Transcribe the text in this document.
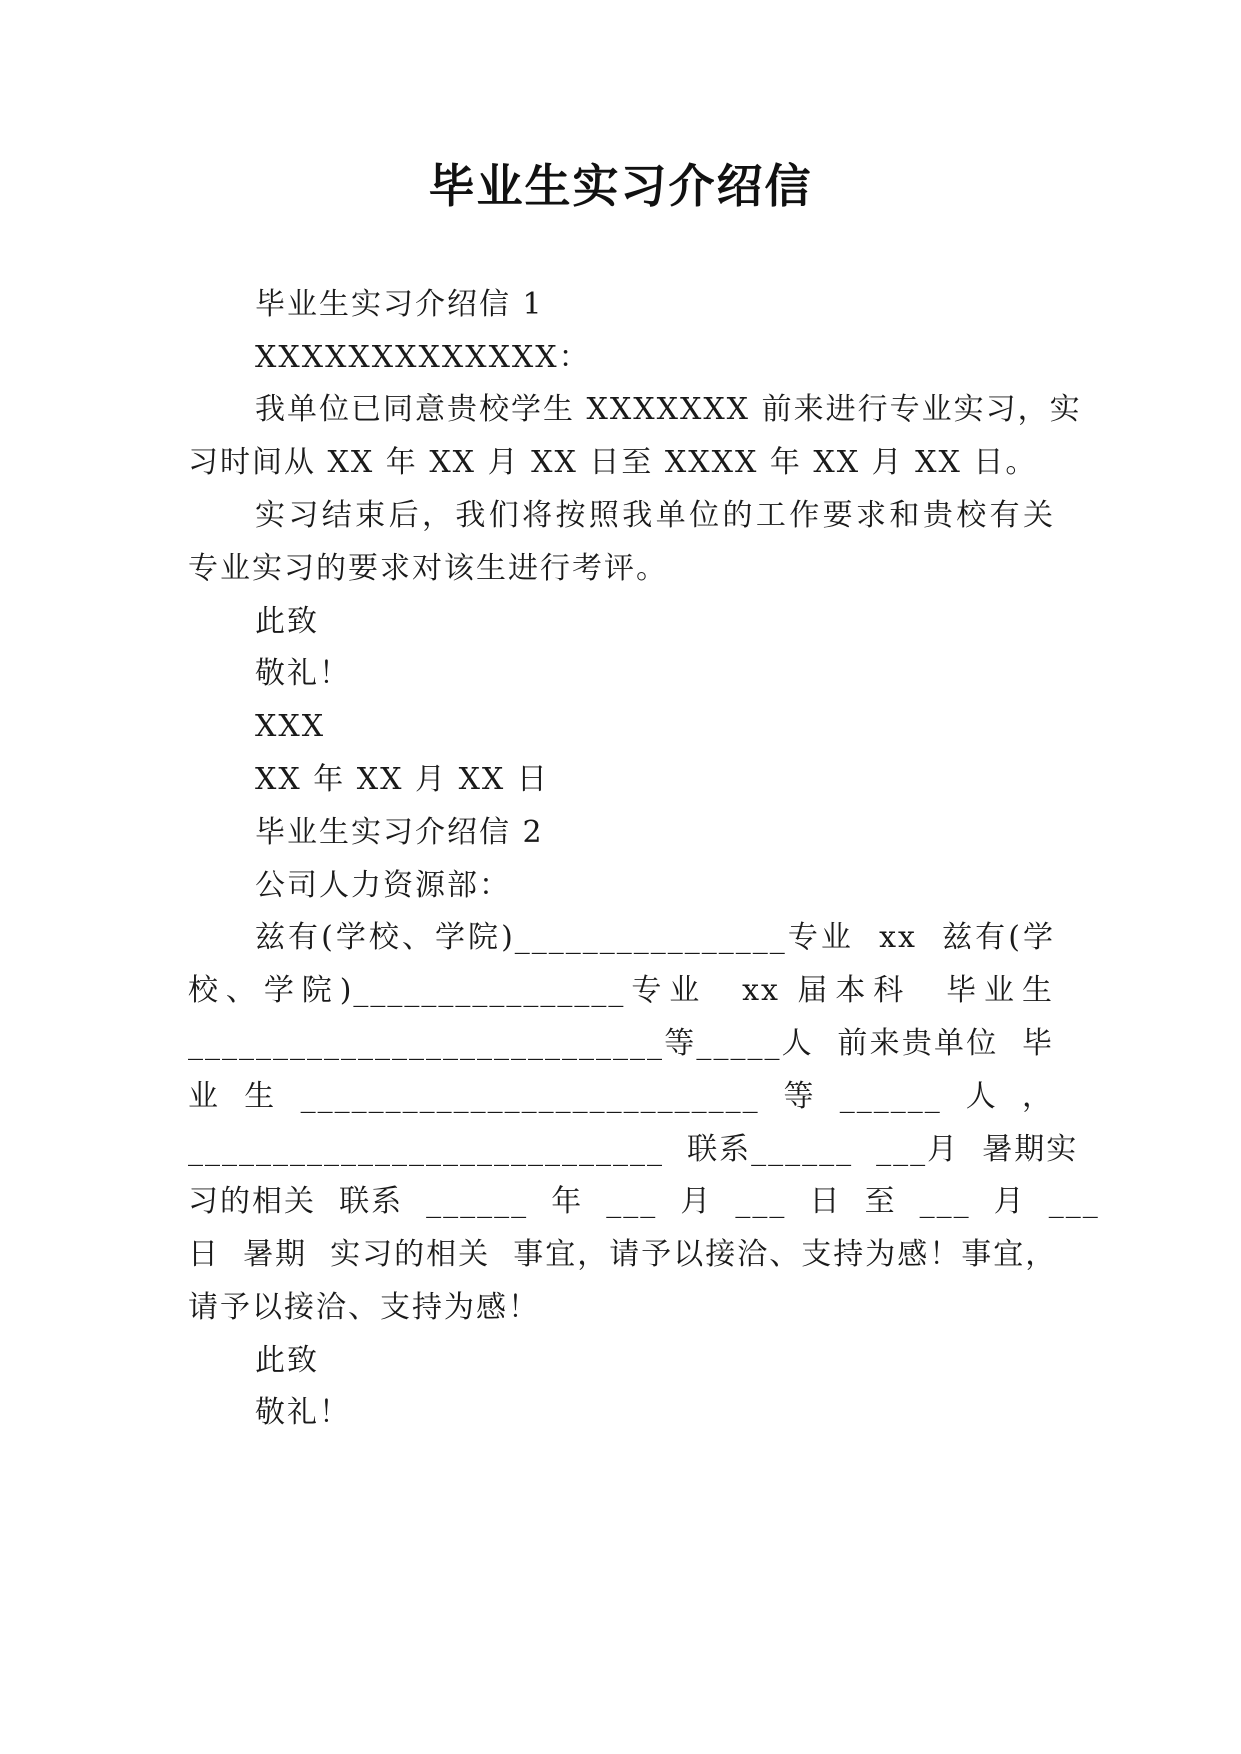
毕业生实习介绍信
毕业生实习介绍信 1
XXXXXXXXXXXXX：
我单位已同意贵校学生 XXXXXXX 前来进行专业实习，实
习时间从 XX 年 XX 月 XX 日至 XXXX 年 XX 月 XX 日。
实习结束后，我们将按照我单位的工作要求和贵校有关
专业实习的要求对该生进行考评。
此致
敬礼！
XXX
XX 年 XX 月 XX 日
毕业生实习介绍信 2
公司人力资源部：
兹有(学校、学院)________________专业  xx  兹有(学
校、学院)________________专业  xx 届本科  毕业生
____________________________等_____人  前来贵单位  毕
业  生  ___________________________  等  ______  人  ，
____________________________  联系______  ___月  暑期实
习的相关  联系  ______  年  ___  月  ___  日  至  ___  月  ___
日  暑期  实习的相关  事宜，请予以接洽、支持为感！事宜，
请予以接洽、支持为感！
此致
敬礼！
